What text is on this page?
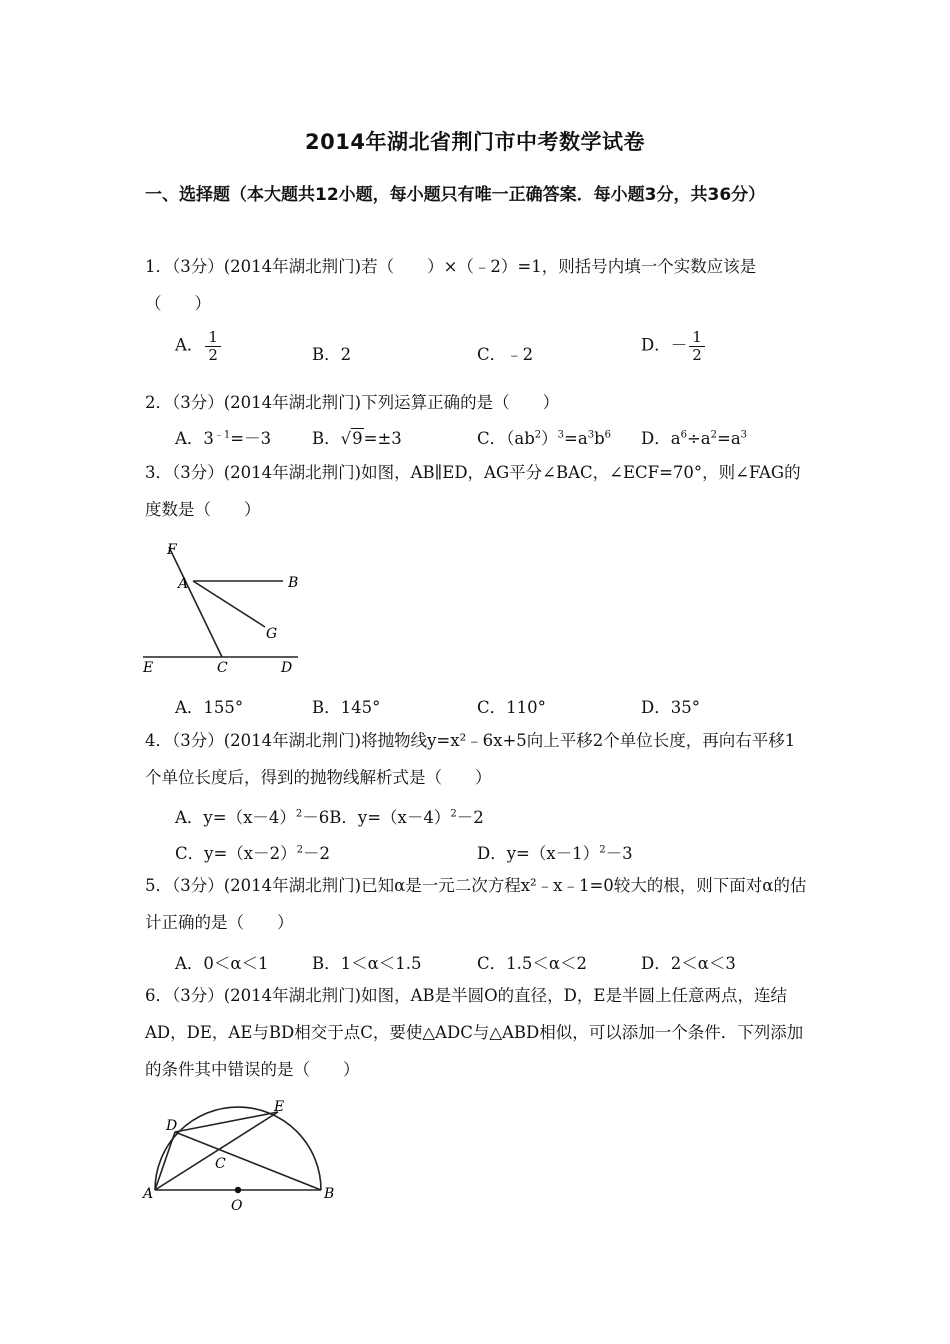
2014年湖北省荆门市中考数学试卷
一、选择题（本大题共12小题，每小题只有唯一正确答案．每小题3分，共36分）
1．（3分）(2014年湖北荆门)若（　　）×（﹣2）=1，则括号内填一个实数应该是（　　）
A． $\frac{1}{2}$	B．2	C．﹣2	D．－ $\frac{1}{2}$
2．（3分）(2014年湖北荆门)下列运算正确的是（　　）
A．$3^{﹣1}=-3$ B．√9=±3	C．$(ab^2)^3=a^3b^6$ D．$a^6\div a^2=a^3$
3．（3分）(2014年湖北荆门)如图，AB∥ED，AG平分∠BAC，∠ECF=70°，则∠FAG的度数是（　　）
F
A	B
G
E	C	D
A．155°	B．145°	C．110°	D．35°
4．（3分）(2014年湖北荆门)将抛物线y=x²﹣6x+5向上平移2个单位长度，再向右平移1个单位长度后，得到的抛物线解析式是（　　）
A．$y=(x-4)^2-6B$．$y=(x-4)^2-2$
C．$y=(x-2)^2-2$	D．$y=(x-1)^2-3$
5．（3分）(2014年湖北荆门)已知α是一元二次方程x²﹣x﹣1=0较大的根，则下面对α的估计正确的是（　　）
A．0＜α＜1	B．1＜α＜1.5	C．1.5＜α＜2	D．2＜α＜3
6．（3分）(2014年湖北荆门)如图，AB是半圆O的直径，D，E是半圆上任意两点，连结AD，DE，AE与BD相交于点C，要使△ADC与△ABD相似，可以添加一个条件．下列添加的条件其中错误的是（　　）
D
E
C
A
O
B
